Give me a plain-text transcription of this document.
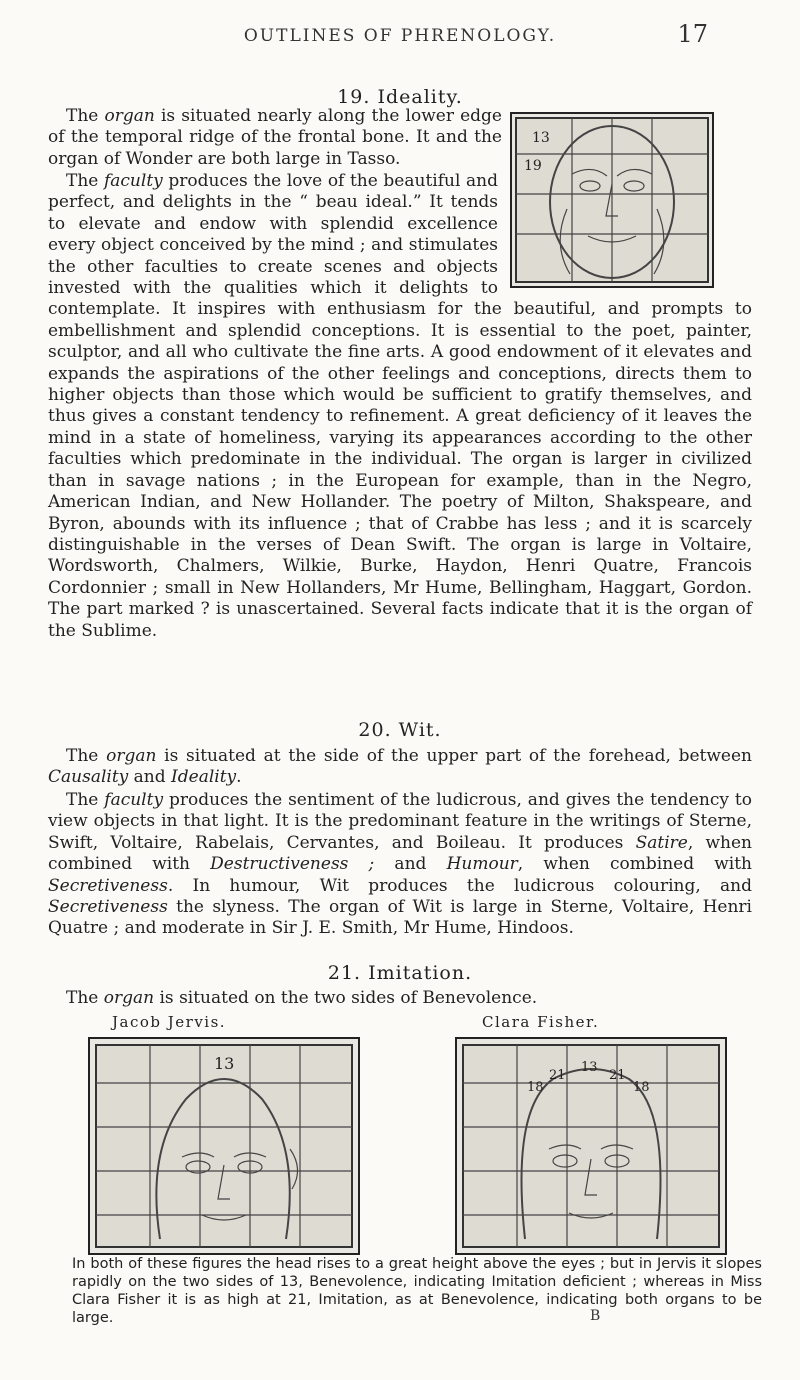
OUTLINES OF PHRENOLOGY.	17
19. Ideality.
13
19
The organ is situated nearly along the lower edge of the temporal ridge of the frontal bone. It and the organ of Wonder are both large in Tasso.
The faculty produces the love of the beautiful and perfect, and delights in the “ beau ideal.” It tends to elevate and endow with splendid excellence every object conceived by the mind ; and stimulates the other faculties to create scenes and objects invested with the qualities which it delights to contemplate. It inspires with enthusiasm for the beautiful, and prompts to embellishment and splendid conceptions. It is essential to the poet, painter, sculptor, and all who cultivate the fine arts. A good endowment of it elevates and expands the aspirations of the other feelings and conceptions, directs them to higher objects than those which would be sufficient to gratify themselves, and thus gives a constant tendency to refinement. A great deficiency of it leaves the mind in a state of homeliness, varying its appearances according to the other faculties which predominate in the individual. The organ is larger in civilized than in savage nations ; in the European for example, than in the Negro, American Indian, and New Hollander. The poetry of Milton, Shakspeare, and Byron, abounds with its influence ; that of Crabbe has less ; and it is scarcely distinguishable in the verses of Dean Swift. The organ is large in Voltaire, Wordsworth, Chalmers, Wilkie, Burke, Haydon, Henri Quatre, Francois Cordonnier ; small in New Hollanders, Mr Hume, Bellingham, Haggart, Gordon. The part marked ? is unascertained. Several facts indicate that it is the organ of the Sublime.
20. Wit.
The organ is situated at the side of the upper part of the forehead, between Causality and Ideality.
The faculty produces the sentiment of the ludicrous, and gives the tendency to view objects in that light. It is the predominant feature in the writings of Sterne, Swift, Voltaire, Rabelais, Cervantes, and Boileau. It produces Satire, when combined with Destructiveness ; and Humour, when combined with Secretiveness. In humour, Wit produces the ludicrous colouring, and Secretiveness the slyness. The organ of Wit is large in Sterne, Voltaire, Henri Quatre ; and moderate in Sir J. E. Smith, Mr Hume, Hindoos.
21. Imitation.
The organ is situated on the two sides of Benevolence.
Jacob Jervis.	Clara Fisher.
13
18
21
13
21
18
In both of these figures the head rises to a great height above the eyes ; but in Jervis it slopes rapidly on the two sides of 13, Benevolence, indicating Imitation deficient ; whereas in Miss Clara Fisher it is as high at 21, Imitation, as at Benevolence, indicating both organs to be large.	B
